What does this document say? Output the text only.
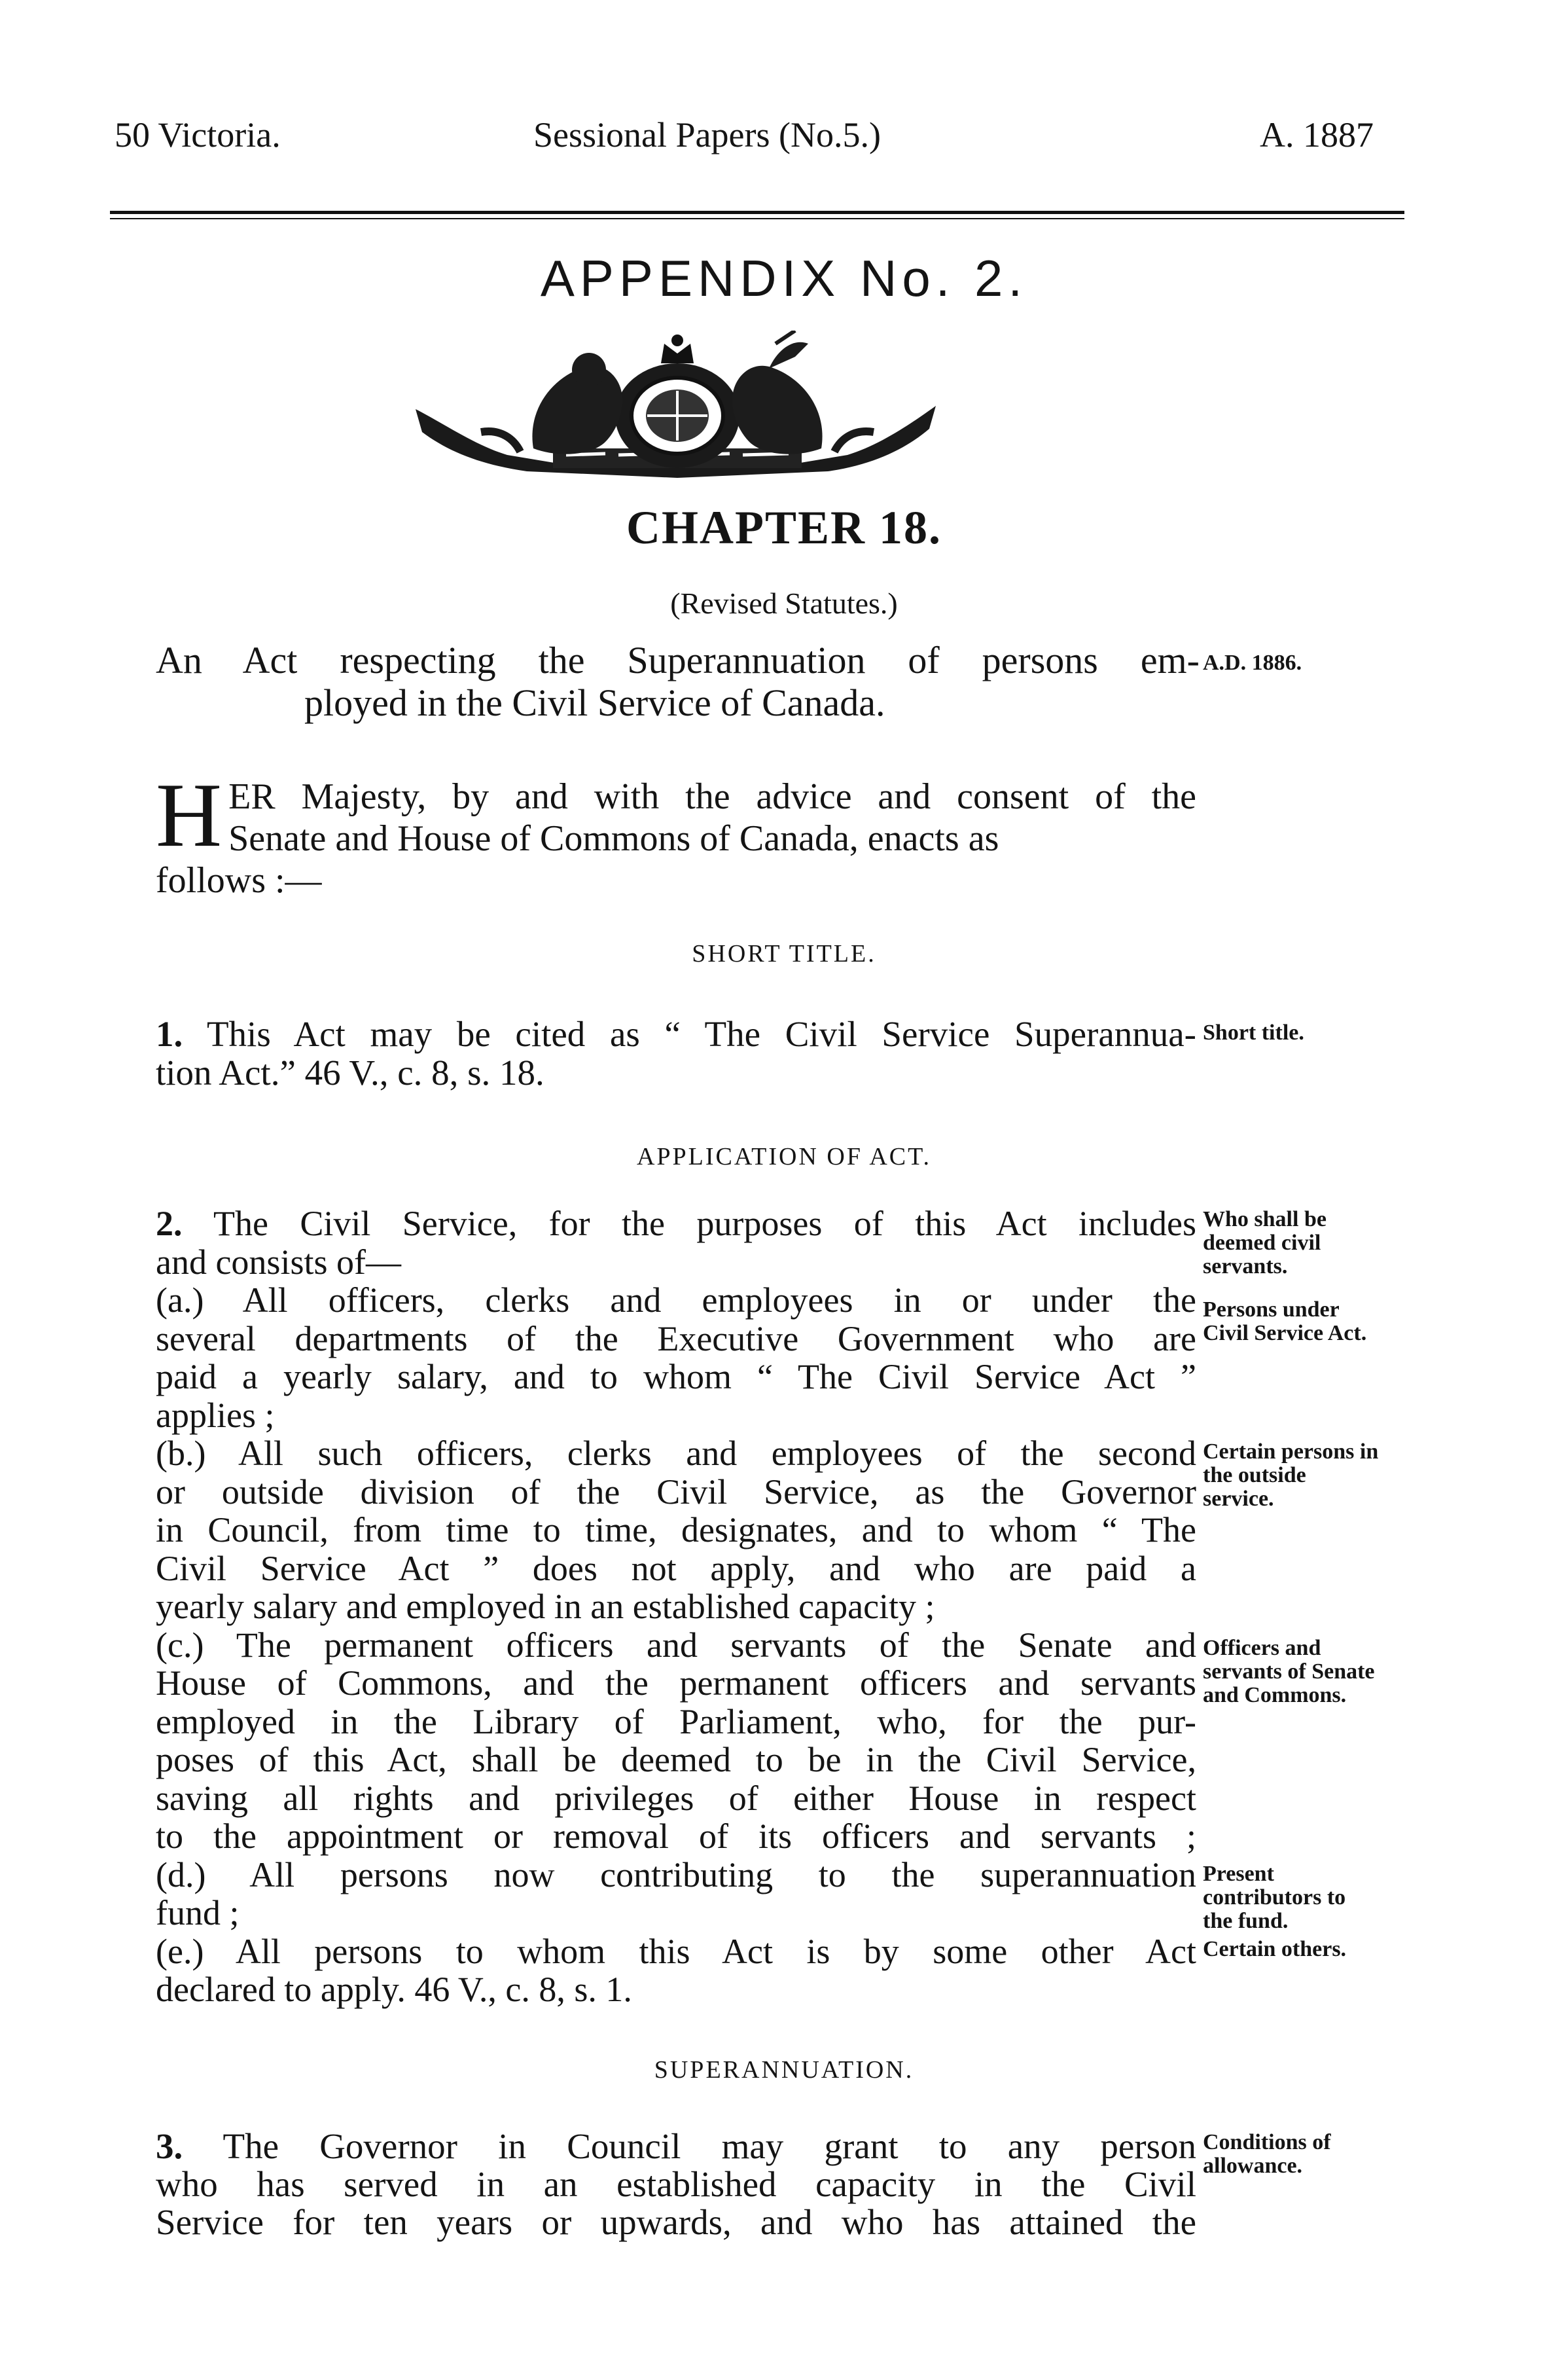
50 Victoria.	Sessional Papers (No.5.)	A. 1887
APPENDIX No. 2.
CHAPTER 18.
(Revised Statutes.)
An Act respecting the Superannuation of persons em-
ployed in the Civil Service of Canada.
A.D. 1886.
H ER Majesty, by and with the advice and consent of the
Senate and House of Commons of Canada, enacts as
follows :—
SHORT TITLE.
1. This Act may be cited as “ The Civil Service Superannua-
tion Act.” 46 V., c. 8, s. 18.
Short title.
APPLICATION OF ACT.
2. The Civil Service, for the purposes of this Act includes
and consists of—
(a.) All officers, clerks and employees in or under the
several departments of the Executive Government who are
paid a yearly salary, and to whom “ The Civil Service Act ”
applies ;
(b.) All such officers, clerks and employees of the second
or outside division of the Civil Service, as the Governor
in Council, from time to time, designates, and to whom “ The
Civil Service Act ” does not apply, and who are paid a
yearly salary and employed in an established capacity ;
(c.) The permanent officers and servants of the Senate and
House of Commons, and the permanent officers and servants
employed in the Library of Parliament, who, for the pur-
poses of this Act, shall be deemed to be in the Civil Service,
saving all rights and privileges of either House in respect
to the appointment or removal of its officers and servants ;
(d.) All persons now contributing to the superannuation
fund ;
(e.) All persons to whom this Act is by some other Act
declared to apply. 46 V., c. 8, s. 1.
Who shall be deemed civil servants.
Persons under Civil Service Act.
Certain persons in the outside service.
Officers and servants of Senate and Commons.
Present contributors to the fund.
Certain others.
SUPERANNUATION.
3. The Governor in Council may grant to any person
who has served in an established capacity in the Civil
Service for ten years or upwards, and who has attained the
Conditions of allowance.
